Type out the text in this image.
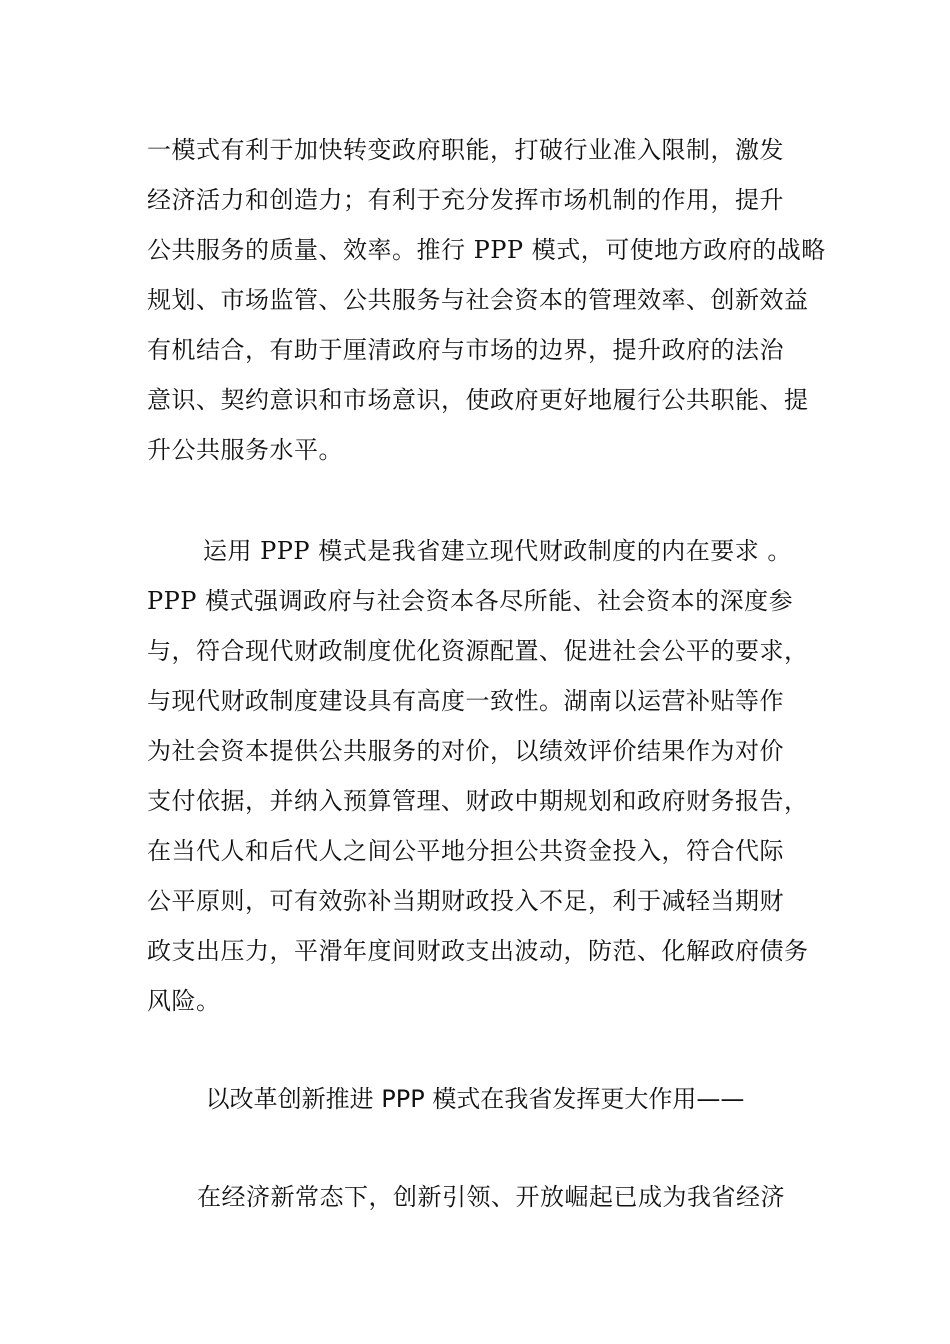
一模式有利于加快转变政府职能，打破行业准入限制，激发
经济活力和创造力；有利于充分发挥市场机制的作用，提升
公共服务的质量、效率。推行 PPP 模式，可使地方政府的战略
规划、市场监管、公共服务与社会资本的管理效率、创新效益
有机结合，有助于厘清政府与市场的边界，提升政府的法治
意识、契约意识和市场意识，使政府更好地履行公共职能、提
升公共服务水平。
运用 PPP 模式是我省建立现代财政制度的内在要求 。
PPP 模式强调政府与社会资本各尽所能、社会资本的深度参
与，符合现代财政制度优化资源配置、促进社会公平的要求，
与现代财政制度建设具有高度一致性。湖南以运营补贴等作
为社会资本提供公共服务的对价，以绩效评价结果作为对价
支付依据，并纳入预算管理、财政中期规划和政府财务报告，
在当代人和后代人之间公平地分担公共资金投入，符合代际
公平原则，可有效弥补当期财政投入不足，利于减轻当期财
政支出压力，平滑年度间财政支出波动，防范、化解政府债务
风险。
以改革创新推进 PPP 模式在我省发挥更大作用——
在经济新常态下，创新引领、开放崛起已成为我省经济
